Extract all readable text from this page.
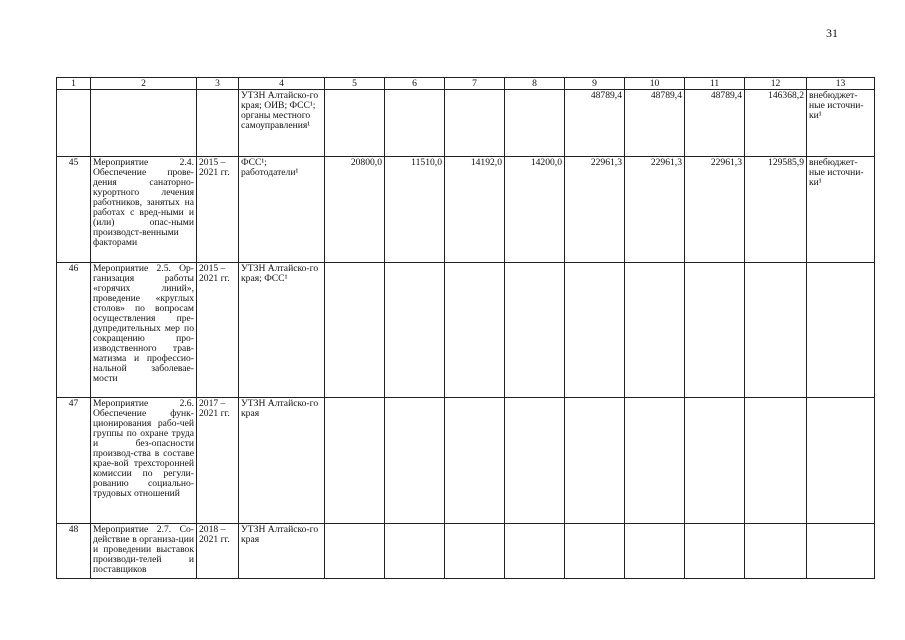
31
1	2	3	4	5	6	7	8	9	10	11	12	13
			УТЗН Алтайско-го края; ОИВ; ФСС¹; органы местного самоуправления¹					48789,4	48789,4	48789,4	146368,2	внебюджет-ные источни-ки¹
45	Мероприятие 2.4. Обеспечение прове-дения санаторно-курортного лечения работников, занятых на работах с вред-ными и (или) опас-ными производст-венными факторами	2015 – 2021 гг.	ФСС¹; работодатели¹	20800,0	11510,0	14192,0	14200,0	22961,3	22961,3	22961,3	129585,9	внебюджет-ные источни-ки¹
46	Мероприятие 2.5. Ор-ганизация работы «горячих линий», проведение «круглых столов» по вопросам осуществления пре-дупредительных мер по сокращению про-изводственного трав-матизма и профессио-нальной заболевае-мости	2015 – 2021 гг.	УТЗН Алтайско-го края; ФСС¹									
47	Мероприятие 2.6. Обеспечение функ-ционирования рабо-чей группы по охране труда и без-опасности производ-ства в составе крае-вой трехсторонней комиссии по регули-рованию социально-трудовых отношений	2017 – 2021 гг.	УТЗН Алтайско-го края									
48	Мероприятие 2.7. Со-действие в организа-ции и проведении выставок производи-телей и поставщиков	2018 – 2021 гг.	УТЗН Алтайско-го края									
